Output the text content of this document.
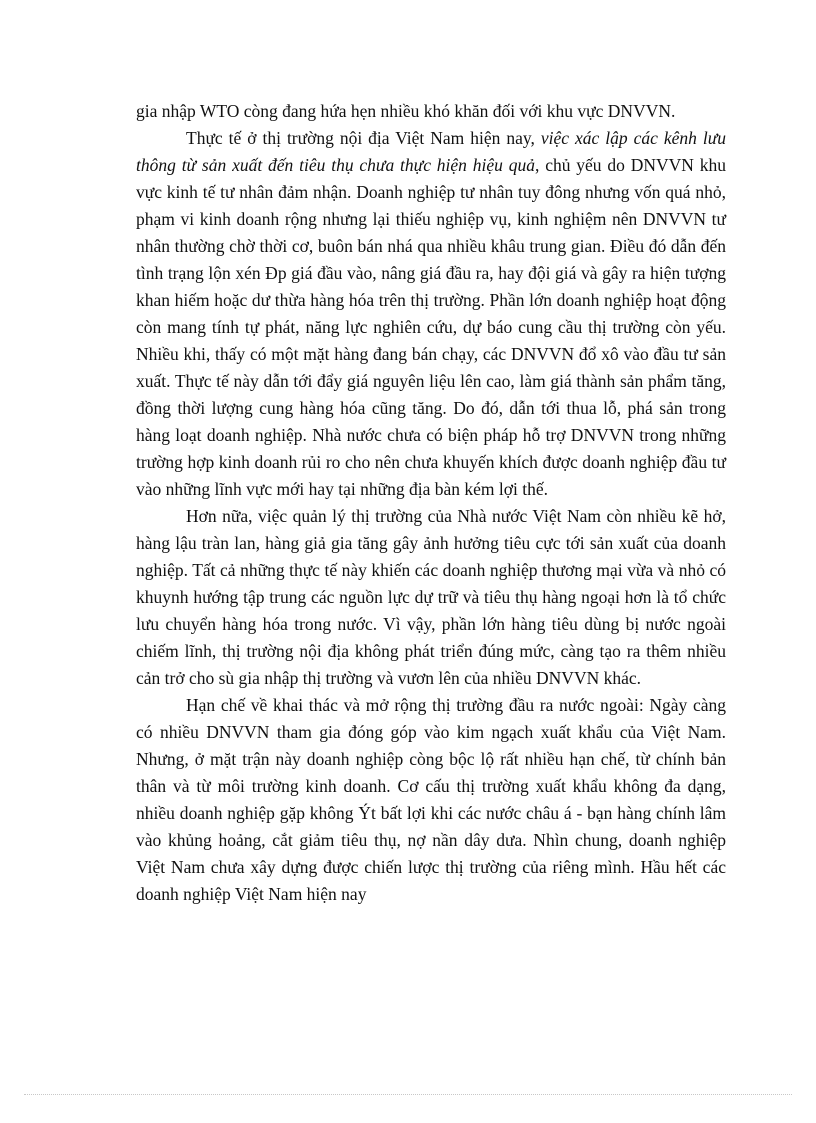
gia nhập WTO còng đang hứa hẹn nhiều khó khăn đối với khu vực DNVVN.

Thực tế ở thị trường nội địa Việt Nam hiện nay, việc xác lập các kênh lưu thông từ sản xuất đến tiêu thụ chưa thực hiện hiệu quả, chủ yếu do DNVVN khu vực kinh tế tư nhân đảm nhận. Doanh nghiệp tư nhân tuy đông nhưng vốn quá nhỏ, phạm vi kinh doanh rộng nhưng lại thiếu nghiệp vụ, kinh nghiệm nên DNVVN tư nhân thường chờ thời cơ, buôn bán nhá qua nhiều khâu trung gian. Điều đó dẫn đến tình trạng lộn xén Đp giá đầu vào, nâng giá đầu ra, hay đội giá và gây ra hiện tượng khan hiếm hoặc dư thừa hàng hóa trên thị trường. Phần lớn doanh nghiệp hoạt động còn mang tính tự phát, năng lực nghiên cứu, dự báo cung cầu thị trường còn yếu. Nhiều khi, thấy có một mặt hàng đang bán chạy, các DNVVN đổ xô vào đầu tư sản xuất. Thực tế này dẫn tới đẩy giá nguyên liệu lên cao, làm giá thành sản phẩm tăng, đồng thời lượng cung hàng hóa cũng tăng. Do đó, dẫn tới thua lỗ, phá sản trong hàng loạt doanh nghiệp. Nhà nước chưa có biện pháp hỗ trợ DNVVN trong những trường hợp kinh doanh rủi ro cho nên chưa khuyến khích được doanh nghiệp đầu tư vào những lĩnh vực mới hay tại những địa bàn kém lợi thế.

Hơn nữa, việc quản lý thị trường của Nhà nước Việt Nam còn nhiều kẽ hở, hàng lậu tràn lan, hàng giả gia tăng gây ảnh hưởng tiêu cực tới sản xuất của doanh nghiệp. Tất cả những thực tế này khiến các doanh nghiệp thương mại vừa và nhỏ có khuynh hướng tập trung các nguồn lực dự trữ và tiêu thụ hàng ngoại hơn là tổ chức lưu chuyển hàng hóa trong nước. Vì vậy, phần lớn hàng tiêu dùng bị nước ngoài chiếm lĩnh, thị trường nội địa không phát triển đúng mức, càng tạo ra thêm nhiều cản trở cho sù gia nhập thị trường và vươn lên của nhiều DNVVN khác.

Hạn chế về khai thác và mở rộng thị trường đầu ra nước ngoài: Ngày càng có nhiều DNVVN tham gia đóng góp vào kim ngạch xuất khẩu của Việt Nam. Nhưng, ở mặt trận này doanh nghiệp còng bộc lộ rất nhiều hạn chế, từ chính bản thân và từ môi trường kinh doanh. Cơ cấu thị trường xuất khẩu không đa dạng, nhiều doanh nghiệp gặp không Ýt bất lợi khi các nước châu á - bạn hàng chính lâm vào khủng hoảng, cắt giảm tiêu thụ, nợ nần dây dưa. Nhìn chung, doanh nghiệp Việt Nam chưa xây dựng được chiến lược thị trường của riêng mình. Hầu hết các doanh nghiệp Việt Nam hiện nay
